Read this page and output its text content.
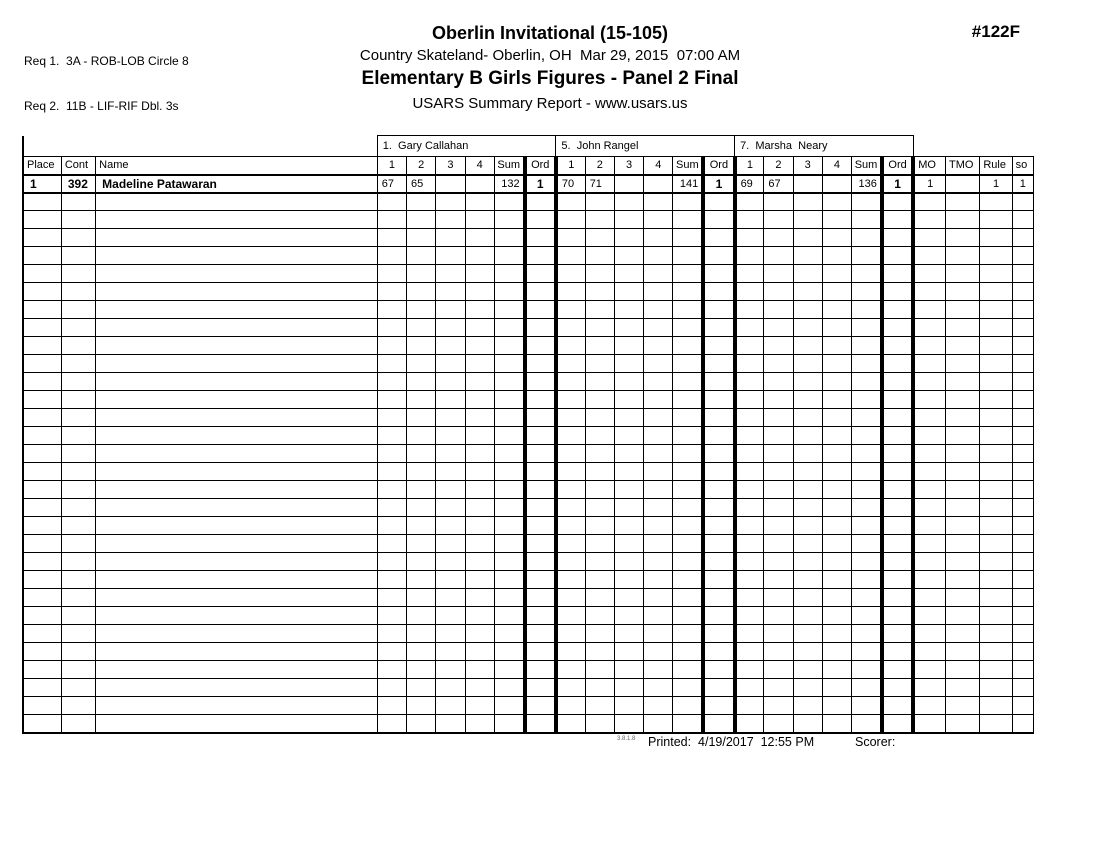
Req 1.  3A - ROB-LOB Circle 8

Req 2.  11B - LIF-RIF Dbl. 3s

Oberlin Invitational (15-105)
Country Skateland- Oberlin, OH  Mar 29, 2015  07:00 AM
Elementary B Girls Figures - Panel 2 Final
USARS Summary Report - www.usars.us
#122F
			1.  Gary Callahan						5.  John Rangel						7.  Marsha  Neary									
Place	Cont	Name	1	2	3	4	Sum	Ord	1	2	3	4	Sum	Ord	1	2	3	4	Sum	Ord	MO	TMO	Rule	so
1	392	Madeline Patawaran	67	65			132	1	70	71			141	1	69	67			136	1	1		1	1

3.8.1.8 Printed: 4/19/2017  12:55 PM	Scorer:
